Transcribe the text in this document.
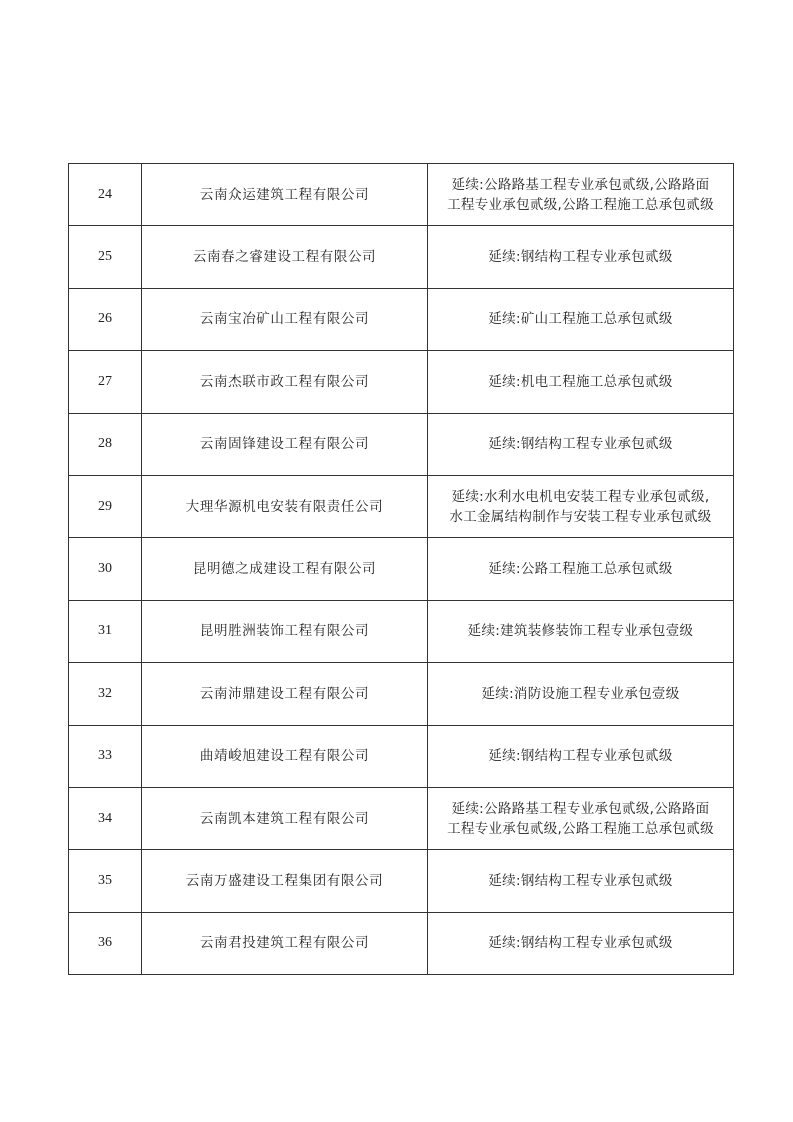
24	云南众运建筑工程有限公司	延续:公路路基工程专业承包贰级,公路路面
工程专业承包贰级,公路工程施工总承包贰级

25	云南春之睿建设工程有限公司	延续:钢结构工程专业承包贰级

26	云南宝冶矿山工程有限公司	延续:矿山工程施工总承包贰级

27	云南杰联市政工程有限公司	延续:机电工程施工总承包贰级

28	云南固锋建设工程有限公司	延续:钢结构工程专业承包贰级

29	大理华源机电安装有限责任公司	延续:水利水电机电安装工程专业承包贰级,
水工金属结构制作与安装工程专业承包贰级

30	昆明德之成建设工程有限公司	延续:公路工程施工总承包贰级

31	昆明胜洲装饰工程有限公司	延续:建筑装修装饰工程专业承包壹级

32	云南沛鼎建设工程有限公司	延续:消防设施工程专业承包壹级

33	曲靖峻旭建设工程有限公司	延续:钢结构工程专业承包贰级

34	云南凯本建筑工程有限公司	延续:公路路基工程专业承包贰级,公路路面
工程专业承包贰级,公路工程施工总承包贰级

35	云南万盛建设工程集团有限公司	延续:钢结构工程专业承包贰级

36	云南君投建筑工程有限公司	延续:钢结构工程专业承包贰级
